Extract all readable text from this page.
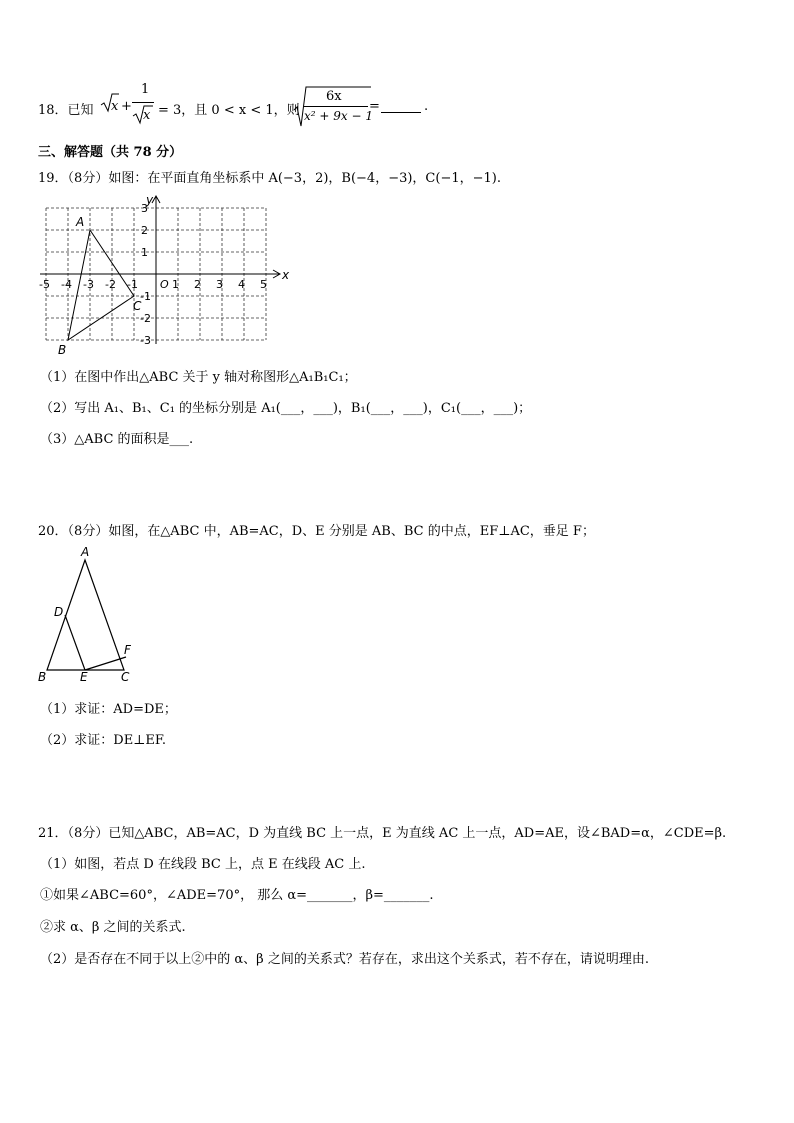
18．已知 x +
1
x = 3，且 0 < x < 1，则
6x
x² + 9x − 1
=	.
三、解答题（共 78 分）
19．（8分）如图：在平面直角坐标系中 A(−3，2)，B(−4，−3)，C(−1，−1).
x
y
-5 -4 -3 -2 -1 O 1 2 3 4 5
3
2
1
-1
-2
-3
A
B
C
（1）在图中作出△ABC 关于 y 轴对称图形△A₁B₁C₁；
（2）写出 A₁、B₁、C₁ 的坐标分别是 A₁(___，___)，B₁(___，___)，C₁(___，___)；
（3）△ABC 的面积是___.
20．（8分）如图，在△ABC 中，AB=AC，D、E 分别是 AB、BC 的中点，EF⊥AC，垂足 F；
A
B	C
D
E
F
（1）求证：AD=DE；
（2）求证：DE⊥EF.
21．（8分）已知△ABC，AB=AC，D 为直线 BC 上一点，E 为直线 AC 上一点，AD=AE，设∠BAD=α，∠CDE=β.
（1）如图，若点 D 在线段 BC 上，点 E 在线段 AC 上.
①如果∠ABC=60°，∠ADE=70°， 那么 α=_______，β=_______.
②求 α、β 之间的关系式.
（2）是否存在不同于以上②中的 α、β 之间的关系式？若存在，求出这个关系式，若不存在，请说明理由.
